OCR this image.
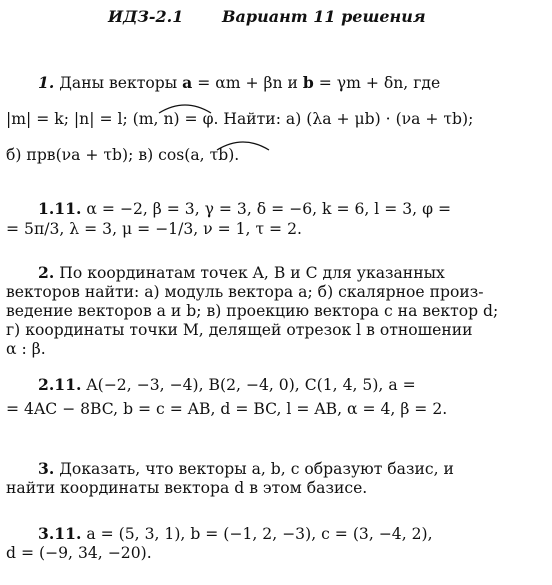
ИДЗ-2.1 Вариант 11 решения
1. Даны векторы a = αm + βn и b = γm + δn, где
|m| = k; |n| = l; (m, n) = φ. Найти: а) (λa + μb) · (νa + τb);
б) прв(νa + τb); в) cos(a, τb).
1.11. α = −2, β = 3, γ = 3, δ = −6, k = 6, l = 3, φ =
= 5π/3, λ = 3, μ = −1/3, ν = 1, τ = 2.
2. По координатам точек A, B и C для указанных
векторов найти: а) модуль вектора a; б) скалярное произ-
ведение векторов a и b; в) проекцию вектора c на вектор d;
г) координаты точки M, делящей отрезок l в отношении
α : β.
2.11. A(−2, −3, −4), B(2, −4, 0), C(1, 4, 5), a =
= 4AC − 8BC, b = c = AB, d = BC, l = AB, α = 4, β = 2.
3. Доказать, что векторы a, b, c образуют базис, и
найти координаты вектора d в этом базисе.
3.11. a = (5, 3, 1), b = (−1, 2, −3), c = (3, −4, 2),
d = (−9, 34, −20).
